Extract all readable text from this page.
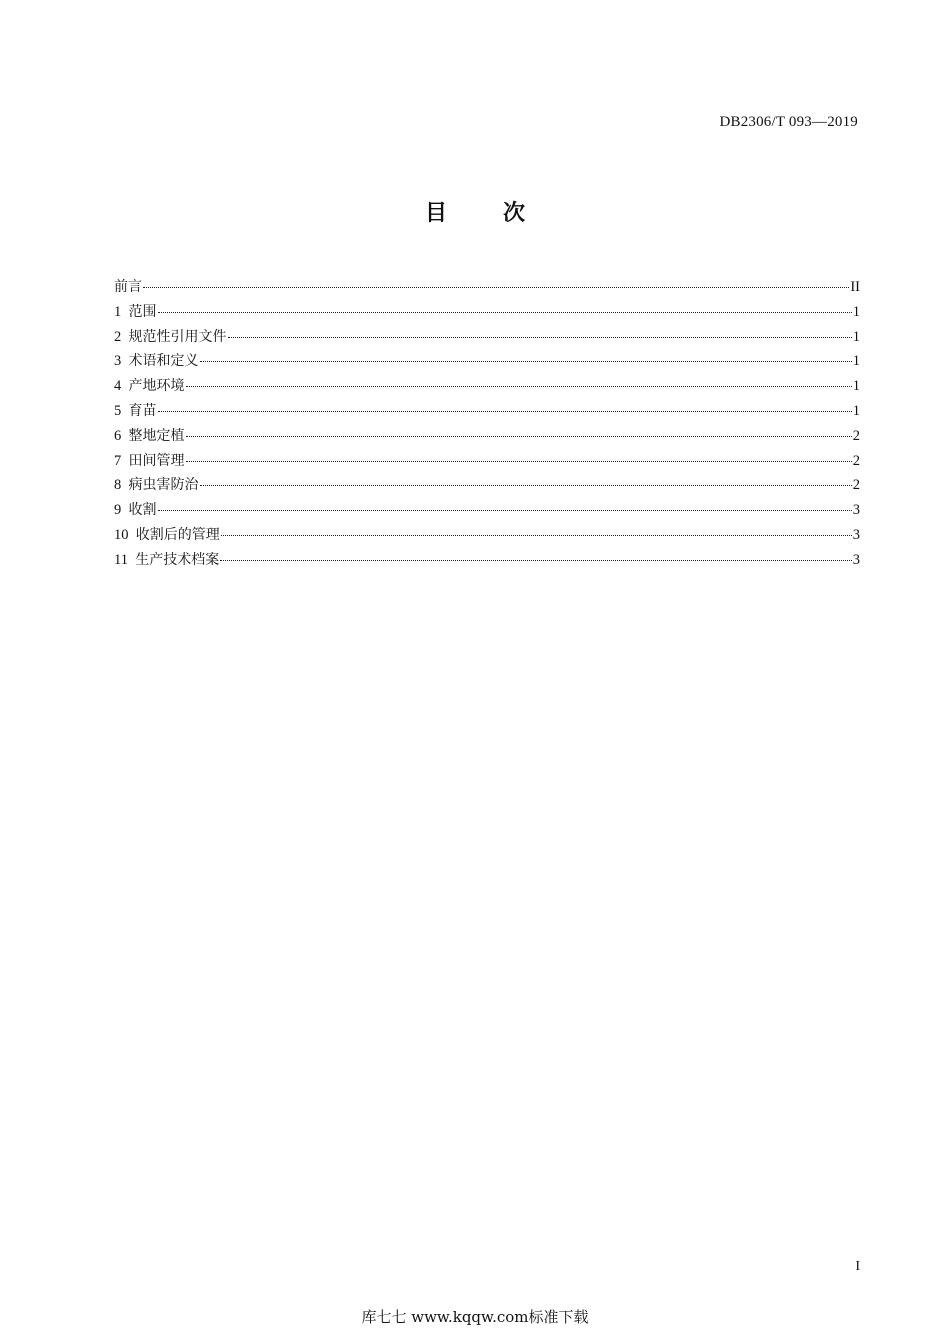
DB2306/T 093—2019
目	次
前言	II
1 范围	1
2 规范性引用文件	1
3 术语和定义	1
4 产地环境	1
5 育苗	1
6 整地定植	2
7 田间管理	2
8 病虫害防治	2
9 收割	3
10 收割后的管理	3
11 生产技术档案	3
I
库七七 www.kqqw.com标准下载
